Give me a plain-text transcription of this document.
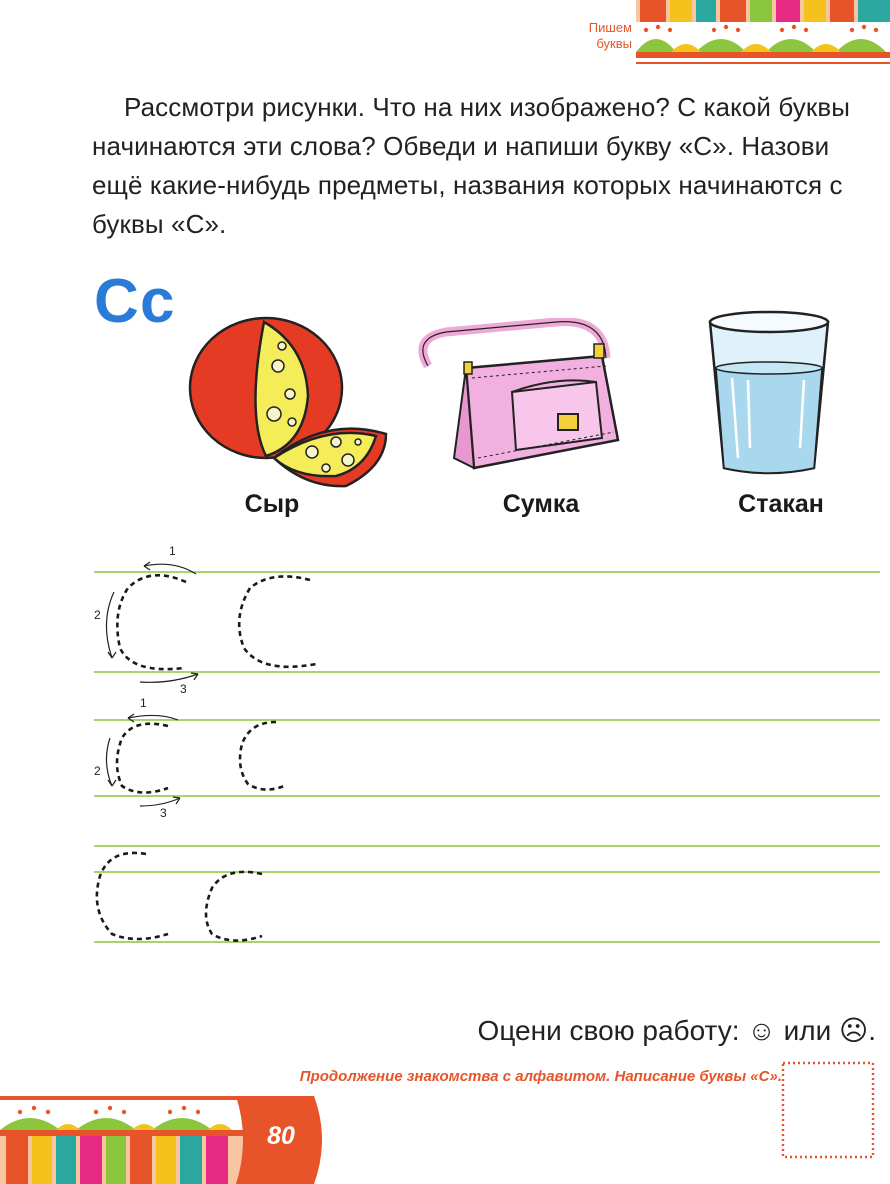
Пишем
буквы
Рассмотри рисунки. Что на них изображено? С какой буквы начинаются эти слова? Обведи и напиши букву «С». Назови ещё какие-нибудь предметы, названия которых начинаются с буквы «С».
Сс
Сыр	Сумка	Стакан
1
2
3
1
2
3
Оцени свою работу: ☺ или ☹.
Продолжение знакомства с алфавитом. Написание буквы «С».
80
